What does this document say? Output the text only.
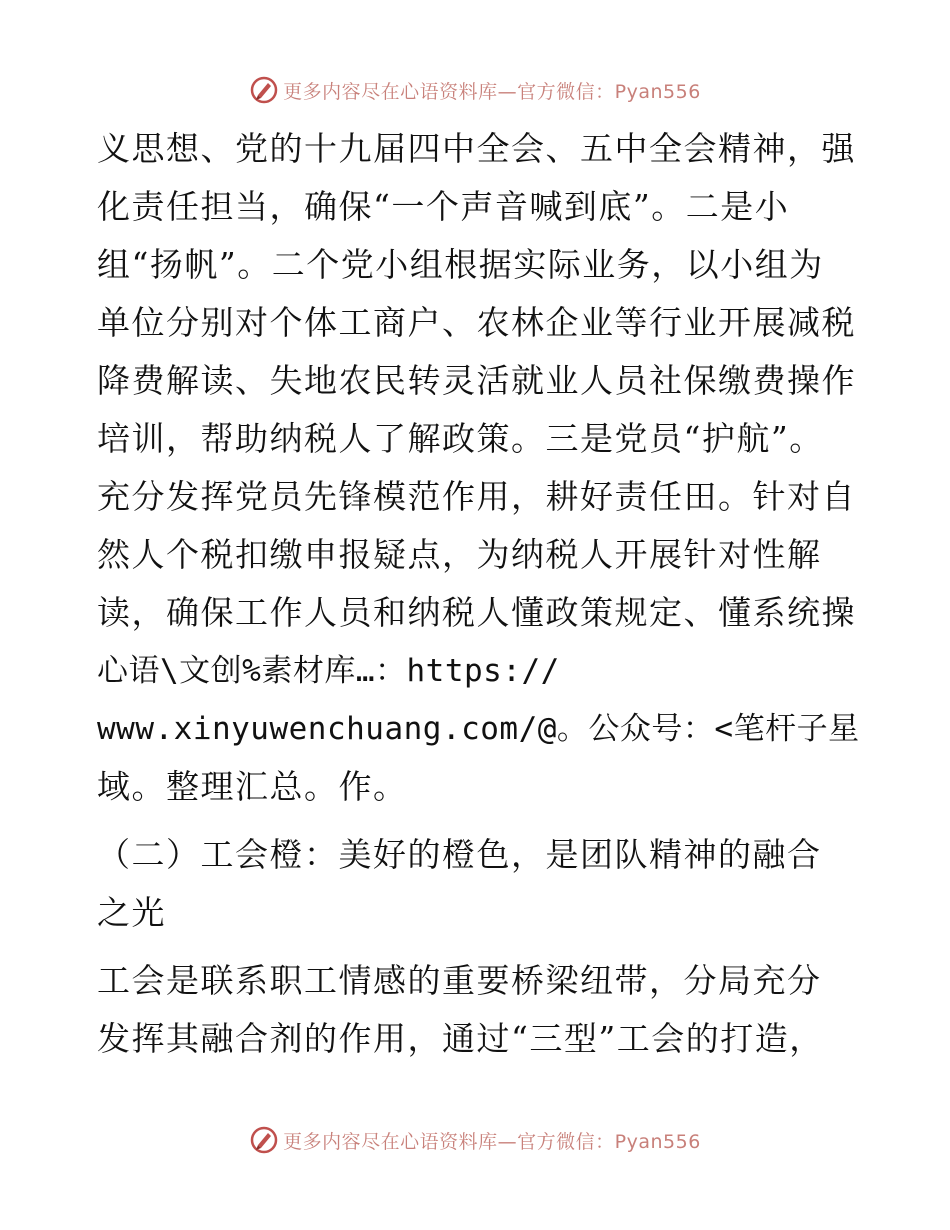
更多内容尽在心语资料库—官方微信：Pyan556
义思想、党的十九届四中全会、五中全会精神，强
化责任担当，确保“一个声音喊到底”。二是小
组“扬帆”。二个党小组根据实际业务，以小组为
单位分别对个体工商户、农林企业等行业开展减税
降费解读、失地农民转灵活就业人员社保缴费操作
培训，帮助纳税人了解政策。三是党员“护航”。
充分发挥党员先锋模范作用，耕好责任田。针对自
然人个税扣缴申报疑点，为纳税人开展针对性解
读，确保工作人员和纳税人懂政策规定、懂系统操
心语\文创%素材库…：https://
www.xinyuwenchuang.com/@。公众号：<笔杆子星
域。整理汇总。作。
（二）工会橙：美好的橙色，是团队精神的融合
之光
工会是联系职工情感的重要桥梁纽带，分局充分
发挥其融合剂的作用，通过“三型”工会的打造，
更多内容尽在心语资料库—官方微信：Pyan556
